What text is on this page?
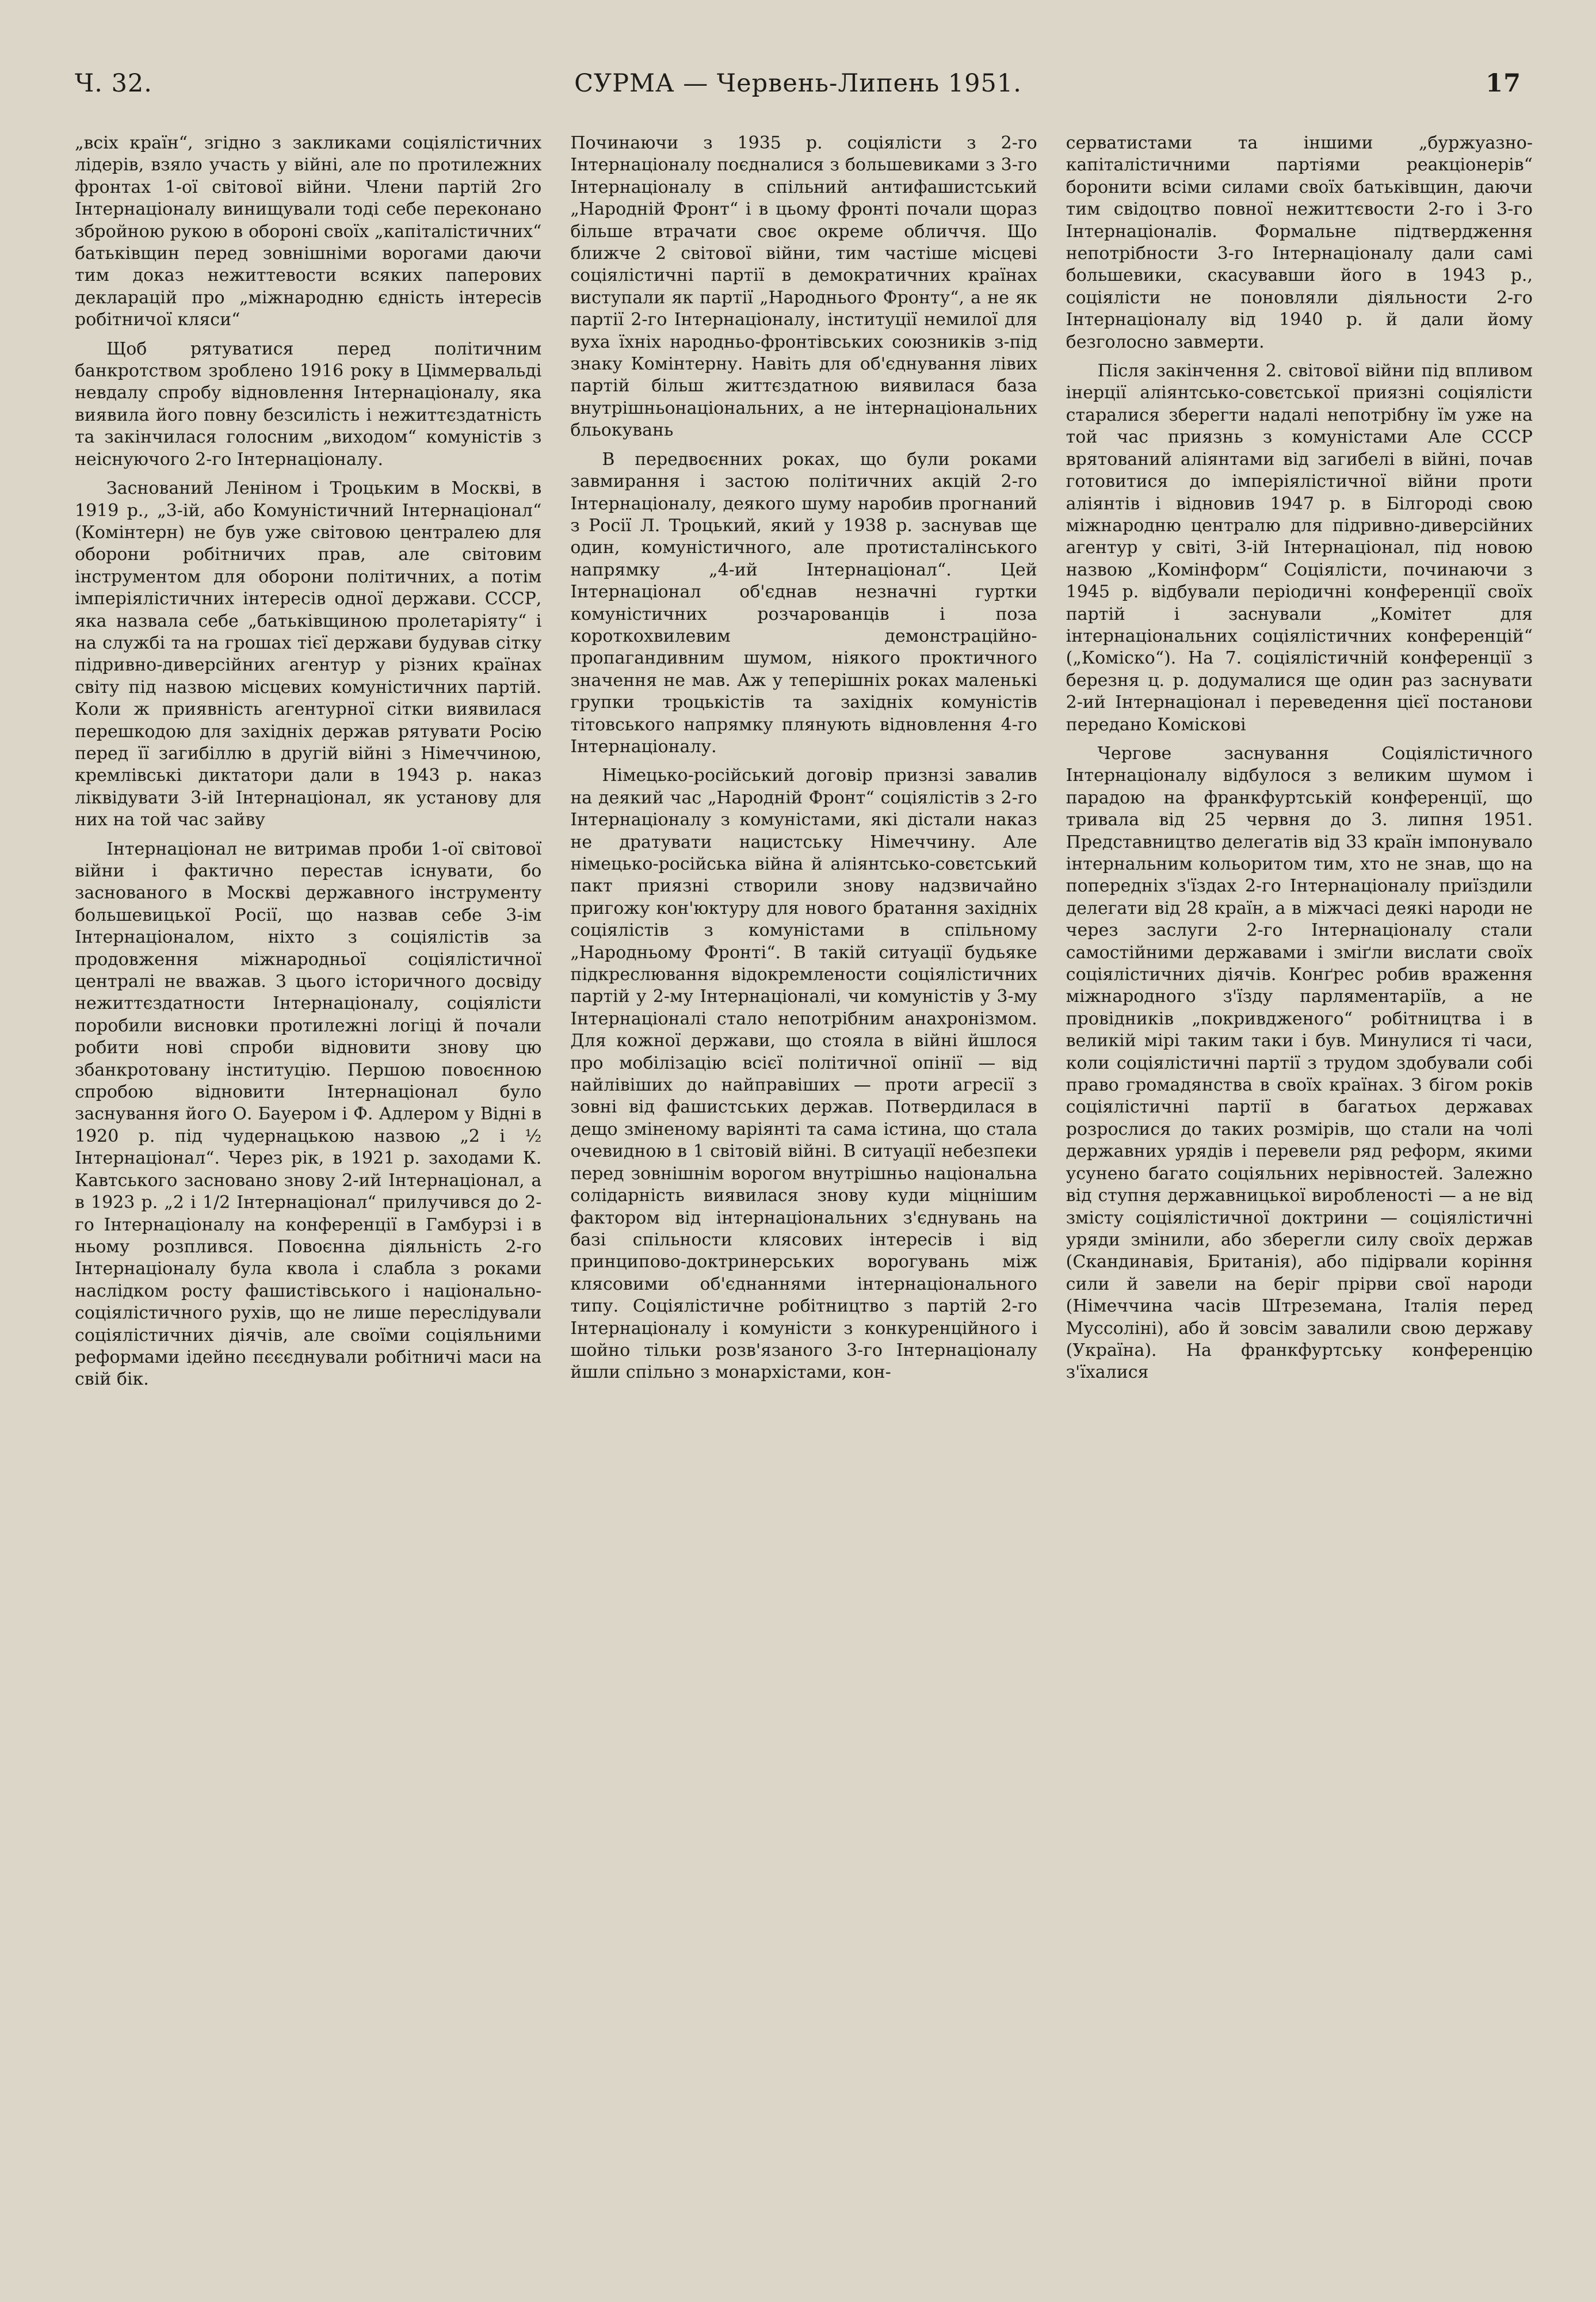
Ч. 32.	СУРМА — Червень-Липень 1951.	17

„всіх країн“, згідно з закликами соціялістичних лідерів, взяло участь у війні, але по протилежних фронтах 1-ої світової війни. Члени партій 2го Інтернаціоналу винищували тоді себе переконано збройною рукою в обороні своїх „капіталістичних“ батьківщин перед зовнішніми ворогами даючи тим доказ нежиттевости всяких паперових декларацій про „міжнародню єдність інтересів робітничої кляси“

Щоб рятуватися перед політичним банкротством зроблено 1916 року в Ціммервальді невдалу спробу відновлення Інтернаціоналу, яка виявила його повну безсилість і нежиттєздатність та закінчилася голосним „виходом“ комуністів з неіснуючого 2-го Інтернаціоналу.

Заснований Леніном і Троцьким в Москві, в 1919 р., „3-ій, або Комуністичний Інтернаціонал“ (Комінтерн) не був уже світовою централею для оборони робітничих прав, але світовим інструментом для оборони політичних, а потім імперіялістичних інтересів одної держави. СССР, яка назвала себе „батьківщиною пролетаріяту“ і на службі та на грошах тієї держави будував сітку підривно-диверсійних агентур у різних країнах світу під назвою місцевих комуністичних партій. Коли ж приявність агентурної сітки виявилася перешкодою для західніх держав рятувати Росію перед її загибіллю в другій війні з Німеччиною, кремлівські диктатори дали в 1943 р. наказ ліквідувати 3-ій Інтернаціонал, як установу для них на той час зайву

Інтернаціонал не витримав проби 1-ої світової війни і фактично перестав існувати, бо заснованого в Москві державного інструменту большевицької Росії, що назвав себе 3-ім Інтернаціоналом, ніхто з соціялістів за продовження міжнародньої соціялістичної централі не вважав. З цього історичного досвіду нежиттєздатности Інтернаціоналу, соціялісти поробили висновки протилежні логіці й почали робити нові спроби відновити знову цю збанкротовану інституцію. Першою повоєнною спробою відновити Інтернаціонал було заснування його О. Бауером і Ф. Адлером у Відні в 1920 р. під чудернацькою назвою „2 і ½ Інтернаціонал“. Через рік, в 1921 р. заходами К. Кавтського засновано знову 2-ий Інтернаціонал, а в 1923 р. „2 і 1/2 Інтернаціонал“ прилучився до 2-го Інтернаціоналу на конференції в Гамбурзі і в ньому розплився. Повоєнна діяльність 2-го Інтернаціоналу була квола і слабла з роками наслідком росту фашистівського і національно-соціялістичного рухів, що не лише переслідували соціялістичних діячів, але своїми соціяльними реформами ідейно пєєєднували робітничі маси на свій бік.

Починаючи з 1935 р. соціялісти з 2-го Інтернаціоналу поєдналися з большевиками з 3-го Інтернаціоналу в спільний антифашистський „Народній Фронт“ і в цьому фронті почали щораз більше втрачати своє окреме обличчя. Що ближче 2 світової війни, тим частіше місцеві соціялістичні партії в демократичних країнах виступали як партії „Народнього Фронту“, а не як партії 2-го Інтернаціоналу, інституції немилої для вуха їхніх народньо-фронтівських союзників з-під знаку Комінтерну. Навіть для об'єднування лівих партій більш життєздатною виявилася база внутрішньонаціональних, а не інтернаціональних бльокувань

В передвоєнних роках, що були роками завмирання і застою політичних акцій 2-го Інтернаціоналу, деякого шуму наробив прогнаний з Росії Л. Троцький, який у 1938 р. заснував ще один, комуністичного, але протисталінського напрямку „4-ий Інтернаціонал“. Цей Інтернаціонал об'єднав незначні гуртки комуністичних розчарованців і поза короткохвилевим демонстраційно-пропагандивним шумом, ніякого проктичного значення не мав. Аж у теперішніх роках маленькі групки троцькістів та західніх комуністів тітовського напрямку плянують відновлення 4-го Інтернаціоналу.

Німецько-російський договір признзі завалив на деякий час „Народній Фронт“ соціялістів з 2-го Інтернаціоналу з комуністами, які дістали наказ не дратувати нацистську Німеччину. Але німецько-російська війна й аліянтсько-совєтський пакт приязні створили знову надзвичайно пригожу кон'юктуру для нового братання західніх соціялістів з комуністами в спільному „Народньому Фронті“. В такій ситуації будьяке підкреслювання відокремлености соціялістичних партій у 2-му Інтернаціоналі, чи комуністів у 3-му Інтернаціоналі стало непотрібним анахронізмом. Для кожної держави, що стояла в війні йшлося про мобілізацію всієї політичної опінії — від найлівіших до найправіших — проти агресії з зовні від фашистських держав. Потвердилася в дещо зміненому варіянті та сама істина, що стала очевидною в 1 світовій війні. В ситуації небезпеки перед зовнішнім ворогом внутрішньо національна солідарність виявилася знову куди міцнішим фактором від інтернаціональних з'єднувань на базі спільности клясових інтересів і від принципово-доктринерських ворогувань між клясовими об'єднаннями інтернаціонального типу. Соціялістичне робітництво з партій 2-го Інтернаціоналу і комуністи з конкуренційного і шойно тільки розв'язаного 3-го Інтернаціоналу йшли спільно з монархістами, кон-

серватистами та іншими „буржуазно-капіталістичними партіями реакціонерів“ боронити всіми силами своїх батьківщин, даючи тим свідоцтво повної нежиттєвости 2-го і 3-го Інтернаціоналів. Формальне підтвердження непотрібности 3-го Інтернаціоналу дали самі большевики, скасувавши його в 1943 р., соціялісти не поновляли діяльности 2-го Інтернаціоналу від 1940 р. й дали йому безголосно завмерти.

Після закінчення 2. світової війни під впливом інерції аліянтсько-совєтської приязні соціялісти старалися зберегти надалі непотрібну їм уже на той час приязнь з комуністами Але СССР врятований аліянтами від загибелі в війні, почав готовитися до імперіялістичної війни проти аліянтів і відновив 1947 р. в Білгороді свою міжнародню централю для підривно-диверсійних агентур у світі, 3-ій Інтернаціонал, під новою назвою „Комінформ“ Соціялісти, починаючи з 1945 р. відбували періодичні конференції своїх партій і заснували „Комітет для інтернаціональних соціялістичних конференцій“ („Коміско“). На 7. соціялістичній конференції з березня ц. р. додумалися ще один раз заснувати 2-ий Інтернаціонал і переведення цієї постанови передано Коміскові

Чергове заснування Соціялістичного Інтернаціоналу відбулося з великим шумом і парадою на франкфуртській конференції, що тривала від 25 червня до 3. липня 1951. Представництво делегатів від 33 країн імпонувало інтернальним кольоритом тим, хто не знав, що на попередніх з'їздах 2-го Інтернаціоналу приїздили делегати від 28 країн, а в міжчасі деякі народи не через заслуги 2-го Інтернаціоналу стали самостійними державами і зміґли вислати своїх соціялістичних діячів. Конґрес робив враження міжнародного з'їзду парляментаріїв, а не провідників „покривдженого“ робітництва і в великій мірі таким таки і був. Минулися ті часи, коли соціялістичні партії з трудом здобували собі право громадянства в своїх країнах. З бігом років соціялістичні партії в багатьох державах розрослися до таких розмірів, що стали на чолі державних урядів і перевели ряд реформ, якими усунено багато соціяльних нерівностей. Залежно від ступня державницької виробленості — а не від змісту соціялістичної доктрини — соціялістичні уряди змінили, або зберегли силу своїх держав (Скандинавія, Британія), або підірвали коріння сили й завели на беріг прірви свої народи (Німеччина часів Штреземана, Італія перед Муссоліні), або й зовсім завалили свою державу (Україна). На франкфуртську конференцію з'їхалися
